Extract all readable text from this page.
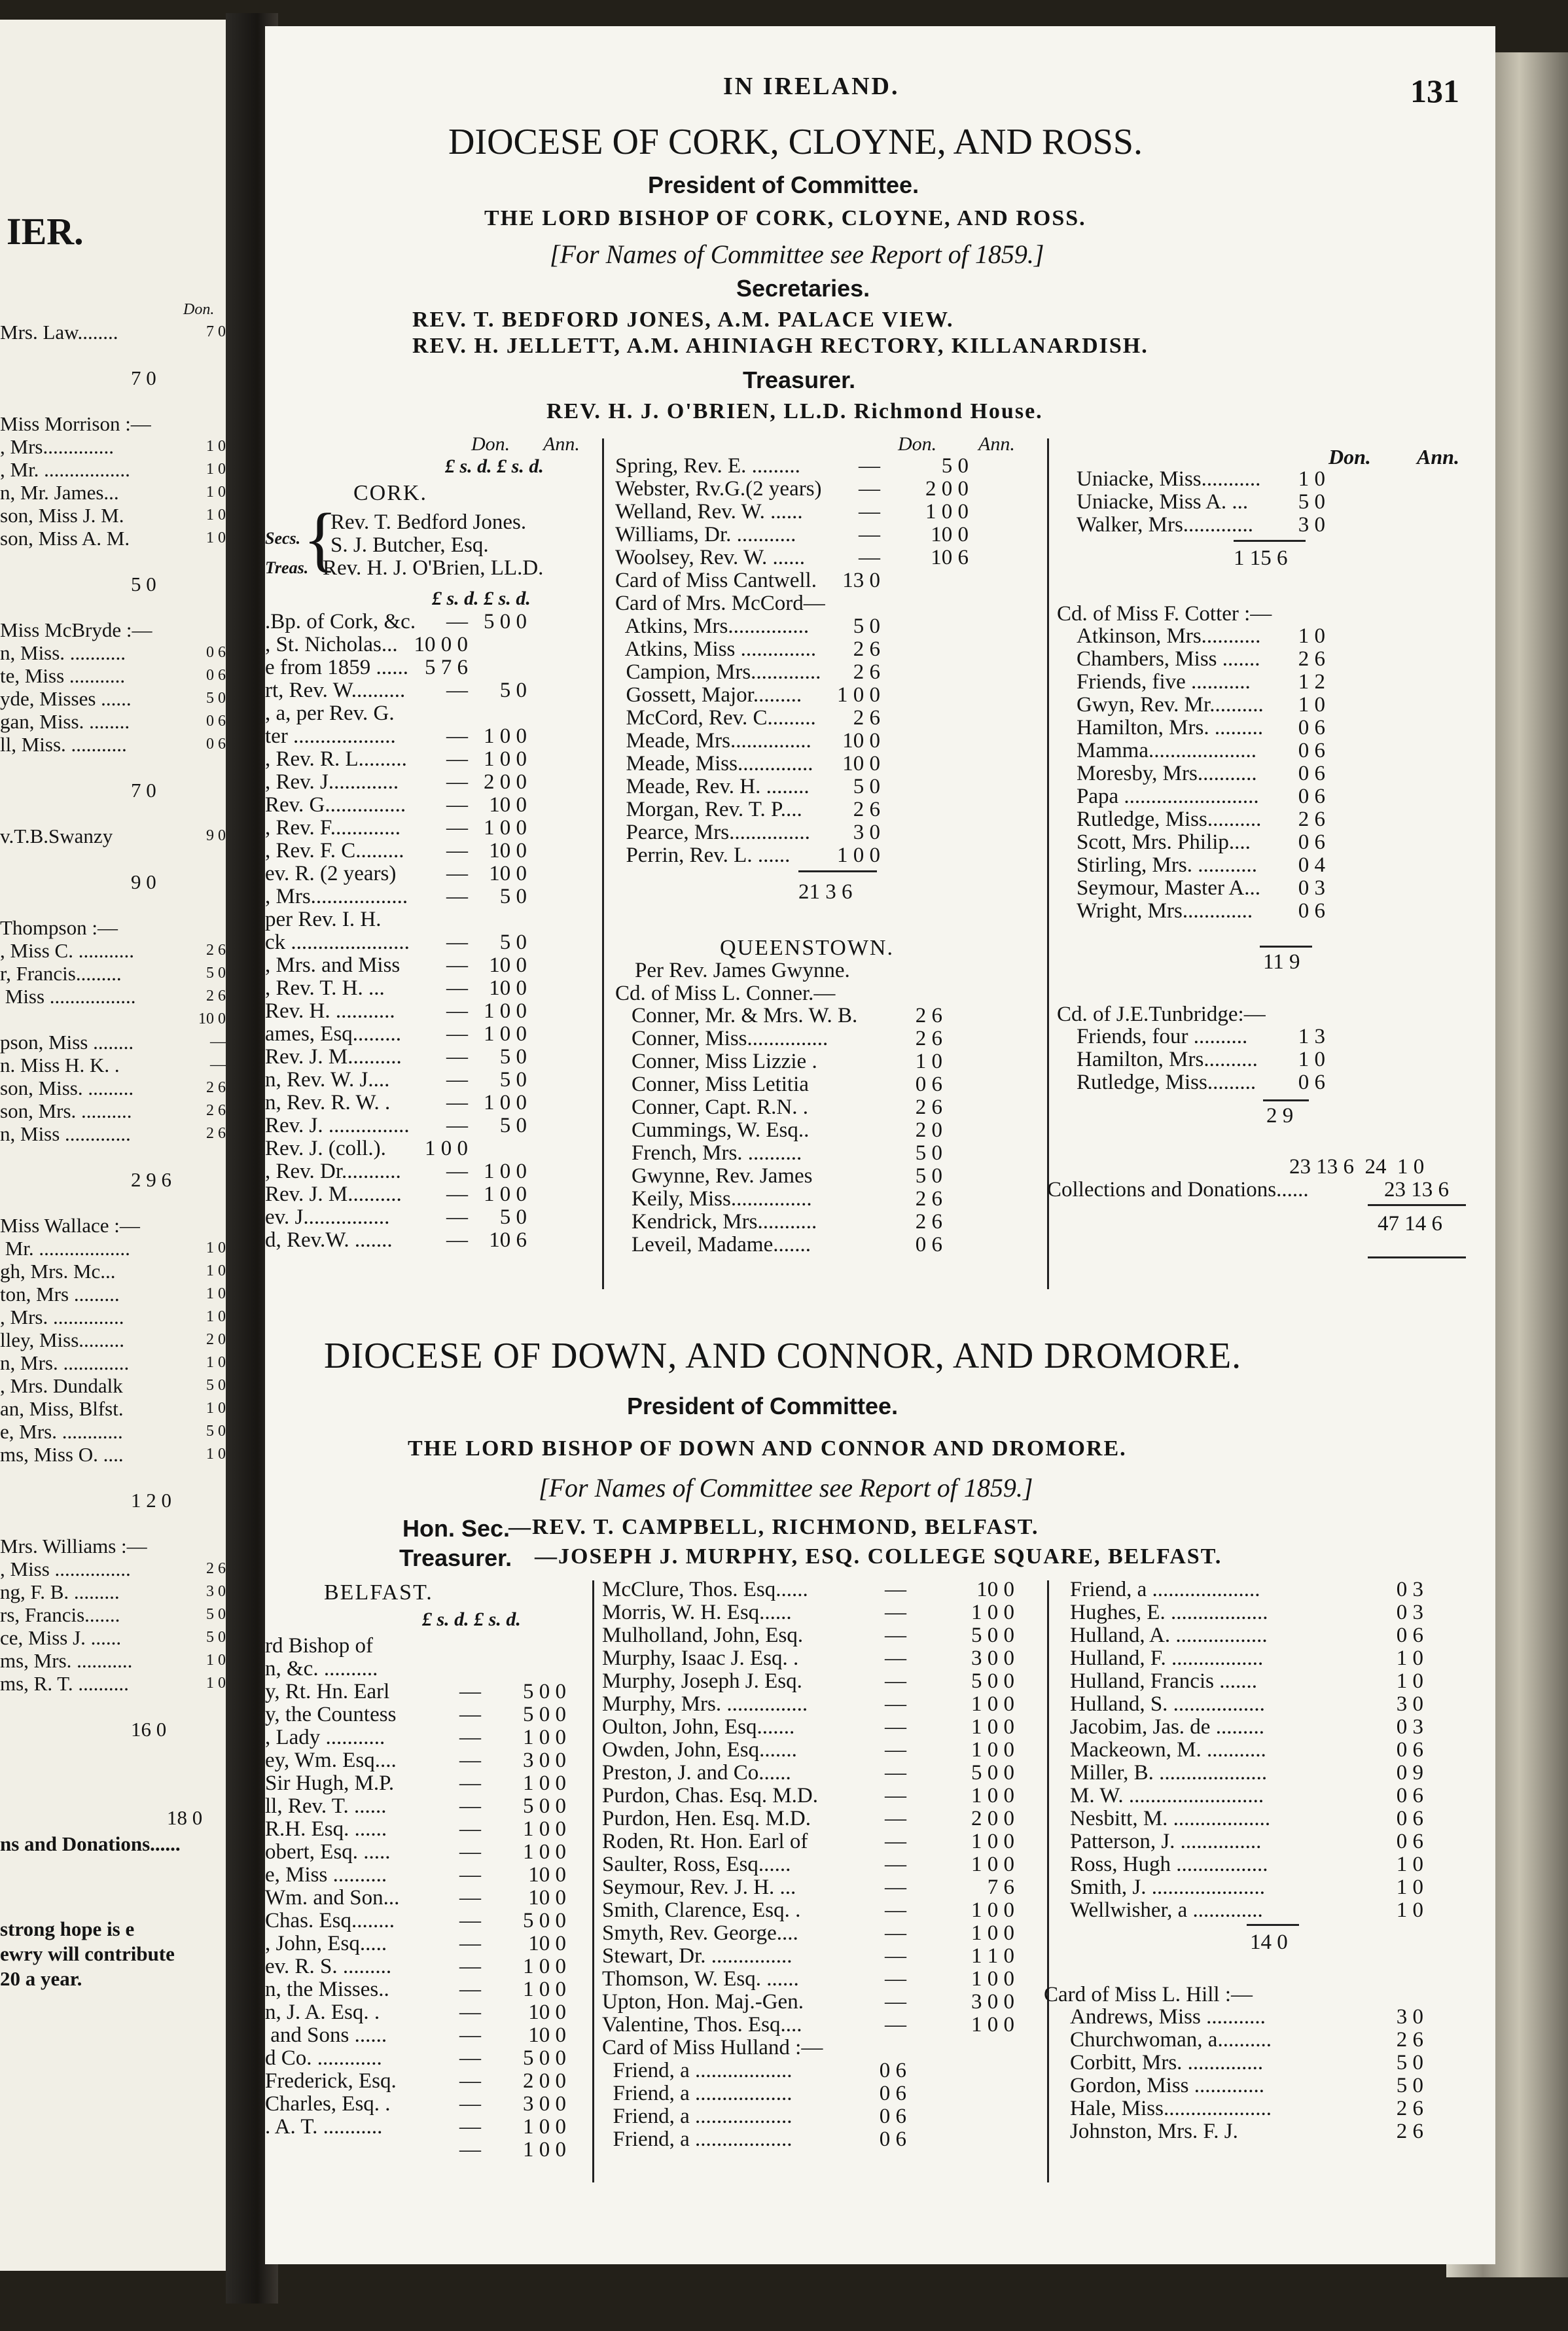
IER.
Don.
Mrs. Law........	7 0
7 0
Miss Morrison :—
, Mrs..............	1 0
, Mr. .................	1 0
n, Mr. James...	1 0
son, Miss J. M.	1 0
son, Miss A. M.	1 0
5 0
Miss McBryde :—
n, Miss. ...........	0 6
te, Miss ...........	0 6
yde, Misses ......	5 0
gan, Miss. ........	0 6
ll, Miss. ...........	0 6
7 0
v.T.B.Swanzy	9 0
9 0
Thompson :—
, Miss C. ...........	2 6
r, Francis.........	5 0
Miss .................	2 6
10 0
pson, Miss ........	—
n. Miss H. K. .	—
son, Miss. .........	2 6
son, Mrs. ..........	2 6
n, Miss .............	2 6
2 9 6
Miss Wallace :—
Mr. ..................	1 0
gh, Mrs. Mc...	1 0
ton, Mrs .........	1 0
, Mrs. ..............	1 0
lley, Miss.........	2 0
n, Mrs. .............	1 0
, Mrs. Dundalk	5 0
an, Miss, Blfst.	1 0
e, Mrs. ............	5 0
ms, Miss O. ....	1 0
1 2 0
Mrs. Williams :—
, Miss ...............	2 6
ng, F. B. .........	3 0
rs, Francis.......	5 0
ce, Miss J. ......	5 0
ms, Mrs. ...........	1 0
ms, R. T. ..........	1 0
16 0
18 0
ns and Donations......
strong hope is e
ewry will contribute
20 a year.
IN IRELAND.	131
DIOCESE OF CORK, CLOYNE, AND ROSS.
President of Committee.
THE LORD BISHOP OF CORK, CLOYNE, AND ROSS.
[For Names of Committee see Report of 1859.]
Secretaries.
REV. T. BEDFORD JONES, A.M. PALACE VIEW.
REV. H. JELLETT, A.M. AHINIAGH RECTORY, KILLANARDISH.
Treasurer.
REV. H. J. O'BRIEN, LL.D. Richmond House.
Don. Ann.
£ s. d. £ s. d.
CORK.
Secs. {
Rev. T. Bedford Jones.
S. J. Butcher, Esq.
Treas. Rev. H. J. O'Brien, LL.D.
£ s. d. £ s. d.
.Bp. of Cork, &c. — 5 0 0
, St. Nicholas... 10 0 0
e from 1859 ...... 5 7 6
rt, Rev. W.......... — 5 0
, a, per Rev. G.
ter ................... — 1 0 0
, Rev. R. L......... — 1 0 0
, Rev. J............. — 2 0 0
Rev. G............... — 10 0
, Rev. F............. — 1 0 0
, Rev. F. C......... — 10 0
ev. R. (2 years) — 10 0
, Mrs.................. — 5 0
per Rev. I. H.
ck ...................... — 5 0
, Mrs. and Miss — 10 0
, Rev. T. H. ...	— 10 0
Rev. H. ........... — 1 0 0
ames, Esq......... — 1 0 0
Rev. J. M.......... — 5 0
n, Rev. W. J....	— 5 0
n, Rev. R. W. .	— 1 0 0
Rev. J. ............... — 5 0
Rev. J. (coll.). 1 0 0
, Rev. Dr........... — 1 0 0
Rev. J. M.......... — 1 0 0
ev. J................	— 5 0
d, Rev.W. ....... — 10 6
Don. Ann.
Spring, Rev. E. .........	—	5 0
Webster, Rv.G.(2 years) — 2 0 0
Welland, Rev. W. ......	— 1 0 0
Williams, Dr. ...........	— 10 0
Woolsey, Rev. W. ...... — 10 6
Card of Miss Cantwell. 13 0
Card of Mrs. McCord—
Atkins, Mrs............... 5 0
Atkins, Miss .............. 2 6
Campion, Mrs............. 2 6
Gossett, Major......... 1 0 0
McCord, Rev. C......... 2 6
Meade, Mrs............... 10 0
Meade, Miss.............. 10 0
Meade, Rev. H. ........ 5 0
Morgan, Rev. T. P.... 2 6
Pearce, Mrs............... 3 0
Perrin, Rev. L. ...... 1 0 0
21 3 6
QUEENSTOWN.
Per Rev. James Gwynne.
Cd. of Miss L. Conner.—
Conner, Mr. & Mrs. W. B.	2 6
Conner, Miss...............	2 6
Conner, Miss Lizzie .	1 0
Conner, Miss Letitia	0 6
Conner, Capt. R.N. .	2 6
Cummings, W. Esq..	2 0
French, Mrs. ..........	5 0
Gwynne, Rev. James	5 0
Keily, Miss...............	2 6
Kendrick, Mrs...........	2 6
Leveil, Madame.......	0 6
Don. Ann.
Uniacke, Miss........... 1 0
Uniacke, Miss A. ... 5 0
Walker, Mrs............. 3 0
1 15 6
Cd. of Miss F. Cotter :—
Atkinson, Mrs........... 1 0
Chambers, Miss ....... 2 6
Friends, five ........... 1 2
Gwyn, Rev. Mr.......... 1 0
Hamilton, Mrs. ......... 0 6
Mamma.................... 0 6
Moresby, Mrs........... 0 6
Papa ......................... 0 6
Rutledge, Miss.......... 2 6
Scott, Mrs. Philip.... 0 6
Stirling, Mrs. ........... 0 4
Seymour, Master A... 0 3
Wright, Mrs............. 0 6
11 9
Cd. of J.E.Tunbridge:—
Friends, four .......... 1 3
Hamilton, Mrs.......... 1 0
Rutledge, Miss......... 0 6
2 9
23 13 6  24  1 0
Collections and Donations......	23 13 6
47 14 6
DIOCESE OF DOWN, AND CONNOR, AND DROMORE.
President of Committee.
THE LORD BISHOP OF DOWN AND CONNOR AND DROMORE.
[For Names of Committee see Report of 1859.]
Hon. Sec.
—REV. T. CAMPBELL, RICHMOND, BELFAST.
Treasurer. —JOSEPH J. MURPHY, ESQ. COLLEGE SQUARE, BELFAST.
BELFAST.
£ s. d. £ s. d.
rd Bishop of
n, &c. ..........
y, Rt. Hn. Earl	— 5 0 0
y, the Countess	— 5 0 0
, Lady ...........	— 1 0 0
ey, Wm. Esq....	— 3 0 0
Sir Hugh, M.P.	— 1 0 0
ll, Rev. T. ......	— 5 0 0
R.H. Esq. ......	— 1 0 0
obert, Esq. .....	— 1 0 0
e, Miss ..........	— 10 0
Wm. and Son...	— 10 0
Chas. Esq........	— 5 0 0
, John, Esq.....	— 10 0
ev. R. S. .........	— 1 0 0
n, the Misses..	— 1 0 0
n, J. A. Esq. .	— 10 0
and Sons ......	— 10 0
d Co. ............	— 5 0 0
Frederick, Esq.	— 2 0 0
Charles, Esq. .	— 3 0 0
. A. T. ...........	— 1 0 0
— 1 0 0
McClure, Thos. Esq......	—	10 0
Morris, W. H. Esq......	—	1 0 0
Mulholland, John, Esq.	—	5 0 0
Murphy, Isaac J. Esq. .	—	3 0 0
Murphy, Joseph J. Esq.	—	5 0 0
Murphy, Mrs. ...............	—	1 0 0
Oulton, John, Esq.......	—	1 0 0
Owden, John, Esq.......	—	1 0 0
Preston, J. and Co......	—	5 0 0
Purdon, Chas. Esq. M.D.	—	1 0 0
Purdon, Hen. Esq. M.D.	—	2 0 0
Roden, Rt. Hon. Earl of	—	1 0 0
Saulter, Ross, Esq......	—	1 0 0
Seymour, Rev. J. H. ...	—	7 6
Smith, Clarence, Esq. .	—	1 0 0
Smyth, Rev. George....	—	1 0 0
Stewart, Dr. ...............	—	1 1 0
Thomson, W. Esq. ......	—	1 0 0
Upton, Hon. Maj.-Gen.	—	3 0 0
Valentine, Thos. Esq....	—	1 0 0
Card of Miss Hulland :—
Friend, a ..................	0 6
Friend, a ..................	0 6
Friend, a ..................	0 6
Friend, a ..................	0 6
Friend, a ....................	0 3
Hughes, E. ..................	0 3
Hulland, A. .................	0 6
Hulland, F. .................	1 0
Hulland, Francis .......	1 0
Hulland, S. .................	3 0
Jacobim, Jas. de .........	0 3
Mackeown, M. ...........	0 6
Miller, B. ....................	0 9
M. W. .........................	0 6
Nesbitt, M. ..................	0 6
Patterson, J. ...............	0 6
Ross, Hugh .................	1 0
Smith, J. .....................	1 0
Wellwisher, a .............	1 0
14 0
Card of Miss L. Hill :—
Andrews, Miss ...........	3 0
Churchwoman, a..........	2 6
Corbitt, Mrs. ..............	5 0
Gordon, Miss .............	5 0
Hale, Miss....................	2 6
Johnston, Mrs. F. J.	2 6
